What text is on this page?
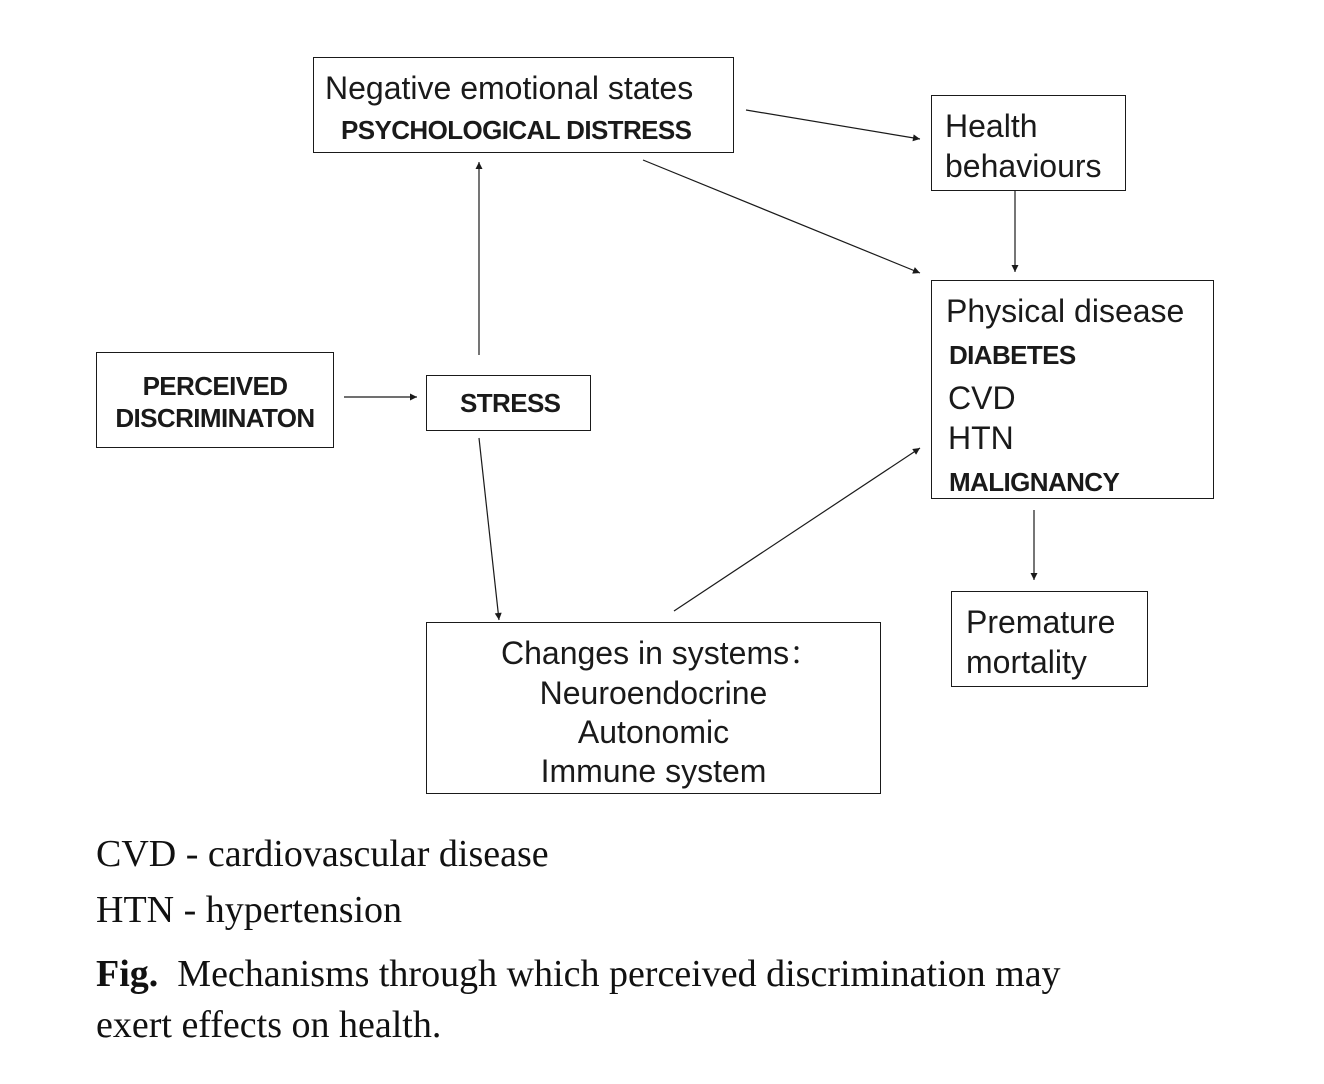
Negative emotional states
PSYCHOLOGICAL DISTRESS	Health
behaviours
PERCEIVED
DISCRIMINATON	STRESS
Physical disease
DIABETES
CVD
HTN
MALIGNANCY
Changes in systems：
Neuroendocrine
Autonomic
Immune system
Premature
mortality
CVD - cardiovascular disease
HTN - hypertension
Fig. Mechanisms through which perceived discrimination may
exert effects on health.
